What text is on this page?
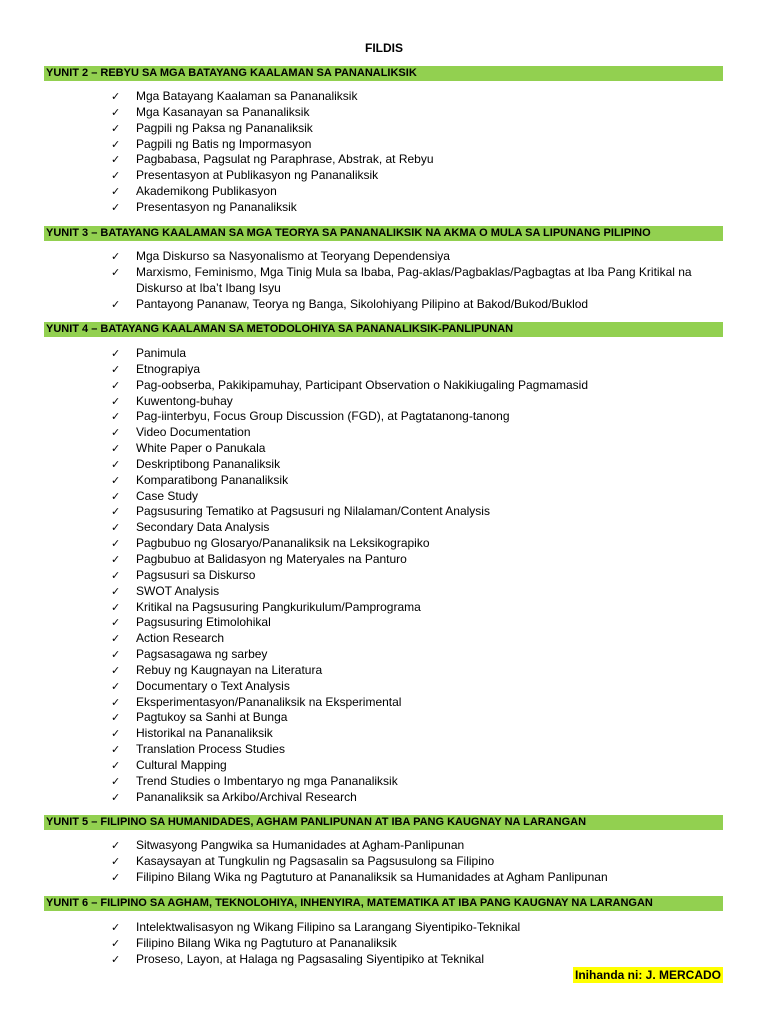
FILDIS
YUNIT 2 – REBYU SA MGA BATAYANG KAALAMAN SA PANANALIKSIK
✓ Mga Batayang Kaalaman sa Pananaliksik
✓ Mga Kasanayan sa Pananaliksik
✓ Pagpili ng Paksa ng Pananaliksik
✓ Pagpili ng Batis ng Impormasyon
✓ Pagbabasa, Pagsulat ng Paraphrase, Abstrak, at Rebyu
✓ Presentasyon at Publikasyon ng Pananaliksik
✓ Akademikong Publikasyon
✓ Presentasyon ng Pananaliksik
YUNIT 3 – BATAYANG KAALAMAN SA MGA TEORYA SA PANANALIKSIK NA AKMA O MULA SA LIPUNANG PILIPINO
✓ Mga Diskurso sa Nasyonalismo at Teoryang Dependensiya
✓ Marxismo, Feminismo, Mga Tinig Mula sa Ibaba, Pag-aklas/Pagbaklas/Pagbagtas at Iba Pang Kritikal na Diskurso at Iba’t Ibang Isyu
✓ Pantayong Pananaw, Teorya ng Banga, Sikolohiyang Pilipino at Bakod/Bukod/Buklod
YUNIT 4 – BATAYANG KAALAMAN SA METODOLOHIYA SA PANANALIKSIK-PANLIPUNAN
✓ Panimula
✓ Etnograpiya
✓ Pag-oobserba, Pakikipamuhay, Participant Observation o Nakikiugaling Pagmamasid
✓ Kuwentong-buhay
✓ Pag-iinterbyu, Focus Group Discussion (FGD), at Pagtatanong-tanong
✓ Video Documentation
✓ White Paper o Panukala
✓ Deskriptibong Pananaliksik
✓ Komparatibong Pananaliksik
✓ Case Study
✓ Pagsusuring Tematiko at Pagsusuri ng Nilalaman/Content Analysis
✓ Secondary Data Analysis
✓ Pagbubuo ng Glosaryo/Pananaliksik na Leksikograpiko
✓ Pagbubuo at Balidasyon ng Materyales na Panturo
✓ Pagsusuri sa Diskurso
✓ SWOT Analysis
✓ Kritikal na Pagsusuring Pangkurikulum/Pamprograma
✓ Pagsusuring Etimolohikal
✓ Action Research
✓ Pagsasagawa ng sarbey
✓ Rebuy ng Kaugnayan na Literatura
✓ Documentary o Text Analysis
✓ Eksperimentasyon/Pananaliksik na Eksperimental
✓ Pagtukoy sa Sanhi at Bunga
✓ Historikal na Pananaliksik
✓ Translation Process Studies
✓ Cultural Mapping
✓ Trend Studies o Imbentaryo ng mga Pananaliksik
✓ Pananaliksik sa Arkibo/Archival Research
YUNIT 5 – FILIPINO SA HUMANIDADES, AGHAM PANLIPUNAN AT IBA PANG KAUGNAY NA LARANGAN
✓ Sitwasyong Pangwika sa Humanidades at Agham-Panlipunan
✓ Kasaysayan at Tungkulin ng Pagsasalin sa Pagsusulong sa Filipino
✓ Filipino Bilang Wika ng Pagtuturo at Pananaliksik sa Humanidades at Agham Panlipunan
YUNIT 6 – FILIPINO SA AGHAM, TEKNOLOHIYA, INHENYIRA, MATEMATIKA AT IBA PANG KAUGNAY NA LARANGAN
✓ Intelektwalisasyon ng Wikang Filipino sa Larangang Siyentipiko-Teknikal
✓ Filipino Bilang Wika ng Pagtuturo at Pananaliksik
✓ Proseso, Layon, at Halaga ng Pagsasaling Siyentipiko at Teknikal
Inihanda ni: J. MERCADO
